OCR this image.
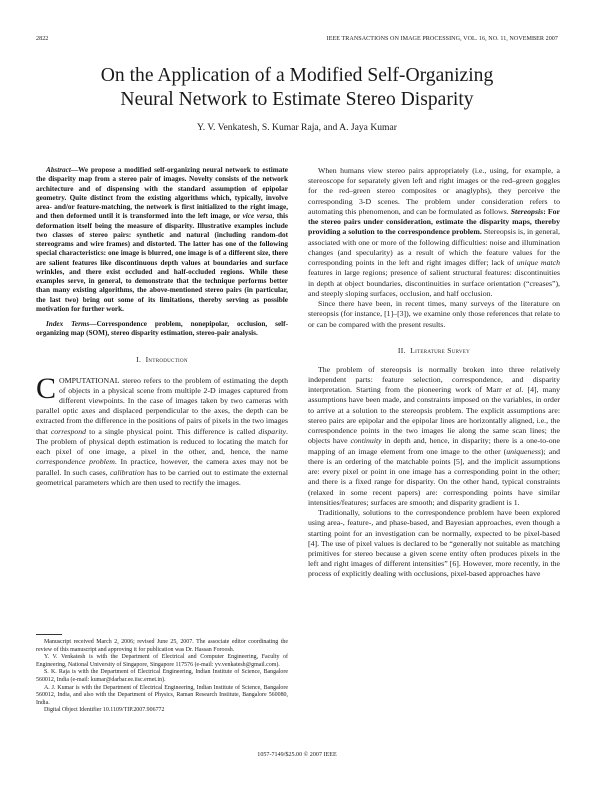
2822	IEEE TRANSACTIONS ON IMAGE PROCESSING, VOL. 16, NO. 11, NOVEMBER 2007
On the Application of a Modified Self-Organizing
Neural Network to Estimate Stereo Disparity
Y. V. Venkatesh, S. Kumar Raja, and A. Jaya Kumar

Abstract—We propose a modified self-organizing neural network to estimate the disparity map from a stereo pair of images. Novelty consists of the network architecture and of dispensing with the standard assumption of epipolar geometry. Quite distinct from the existing algorithms which, typically, involve area- and/or feature-matching, the network is first initialized to the right image, and then deformed until it is transformed into the left image, or vice versa, this deformation itself being the measure of disparity. Illustrative examples include two classes of stereo pairs: synthetic and natural (including random-dot stereograms and wire frames) and distorted. The latter has one of the following special characteristics: one image is blurred, one image is of a different size, there are salient features like discontinuous depth values at boundaries and surface wrinkles, and there exist occluded and half-occluded regions. While these examples serve, in general, to demonstrate that the technique performs better than many existing algorithms, the above-mentioned stereo pairs (in particular, the last two) bring out some of its limitations, thereby serving as possible motivation for further work.

Index Terms—Correspondence problem, nonepipolar, occlusion, self-organizing map (SOM), stereo disparity estimation, stereo-pair analysis.

I. Introduction

COMPUTATIONAL stereo refers to the problem of estimating the depth of objects in a physical scene from multiple 2-D images captured from different viewpoints. In the case of images taken by two cameras with parallel optic axes and displaced perpendicular to the axes, the depth can be extracted from the difference in the positions of pairs of pixels in the two images that correspond to a single physical point. This difference is called disparity. The problem of physical depth estimation is reduced to locating the match for each pixel of one image, a pixel in the other, and, hence, the name correspondence problem. In practice, however, the camera axes may not be parallel. In such cases, calibration has to be carried out to estimate the external geometrical parameters which are then used to rectify the images.

Manuscript received March 2, 2006; revised June 25, 2007. The associate editor coordinating the review of this manuscript and approving it for publication was Dr. Hassan Foroosh.

Y. V. Venkatesh is with the Department of Electrical and Computer Engineering, Faculty of Engineering, National University of Singapore, Singapore 117576 (e-mail: yv.venkatesh@gmail.com).

S. K. Raja is with the Department of Electrical Engineering, Indian Institute of Science, Bangalore 560012, India (e-mail: kumar@darbar.ee.iisc.ernet.in).

A. J. Kumar is with the Department of Electrical Engineering, Indian Institute of Science, Bangalore 560012, India, and also with the Department of Physics, Raman Research Institute, Bangalore 560080, India.

Digital Object Identifier 10.1109/TIP.2007.906772

When humans view stereo pairs appropriately (i.e., using, for example, a stereoscope for separately given left and right images or the red–green goggles for the red–green stereo composites or anaglyphs), they perceive the corresponding 3-D scenes. The problem under consideration refers to automating this phenomenon, and can be formulated as follows. Stereopsis: For the stereo pairs under consideration, estimate the disparity maps, thereby providing a solution to the correspondence problem. Stereopsis is, in general, associated with one or more of the following difficulties: noise and illumination changes (and specularity) as a result of which the feature values for the corresponding points in the left and right images differ; lack of unique match features in large regions; presence of salient structural features: discontinuities in depth at object boundaries, discontinuities in surface orientation (“creases”), and steeply sloping surfaces, occlusion, and half occlusion.

Since there have been, in recent times, many surveys of the literature on stereopsis (for instance, [1]–[3]), we examine only those references that relate to or can be compared with the present results.

II. Literature Survey

The problem of stereopsis is normally broken into three relatively independent parts: feature selection, correspondence, and disparity interpretation. Starting from the pioneering work of Marr et al. [4], many assumptions have been made, and constraints imposed on the variables, in order to arrive at a solution to the stereopsis problem. The explicit assumptions are: stereo pairs are epipolar and the epipolar lines are horizontally aligned, i.e., the correspondence points in the two images lie along the same scan lines; the objects have continuity in depth and, hence, in disparity; there is a one-to-one mapping of an image element from one image to the other (uniqueness); and there is an ordering of the matchable points [5], and the implicit assumptions are: every pixel or point in one image has a corresponding point in the other; and there is a fixed range for disparity. On the other hand, typical constraints (relaxed in some recent papers) are: corresponding points have similar intensities/features; surfaces are smooth; and disparity gradient is 1.

Traditionally, solutions to the correspondence problem have been explored using area-, feature-, and phase-based, and Bayesian approaches, even though a starting point for an investigation can be normally, expected to be pixel-based [4]. The use of pixel values is declared to be “generally not suitable as matching primitives for stereo because a given scene entity often produces pixels in the left and right images of different intensities” [6]. However, more recently, in the process of explicitly dealing with occlusions, pixel-based approaches have

1057-7149/$25.00 © 2007 IEEE
